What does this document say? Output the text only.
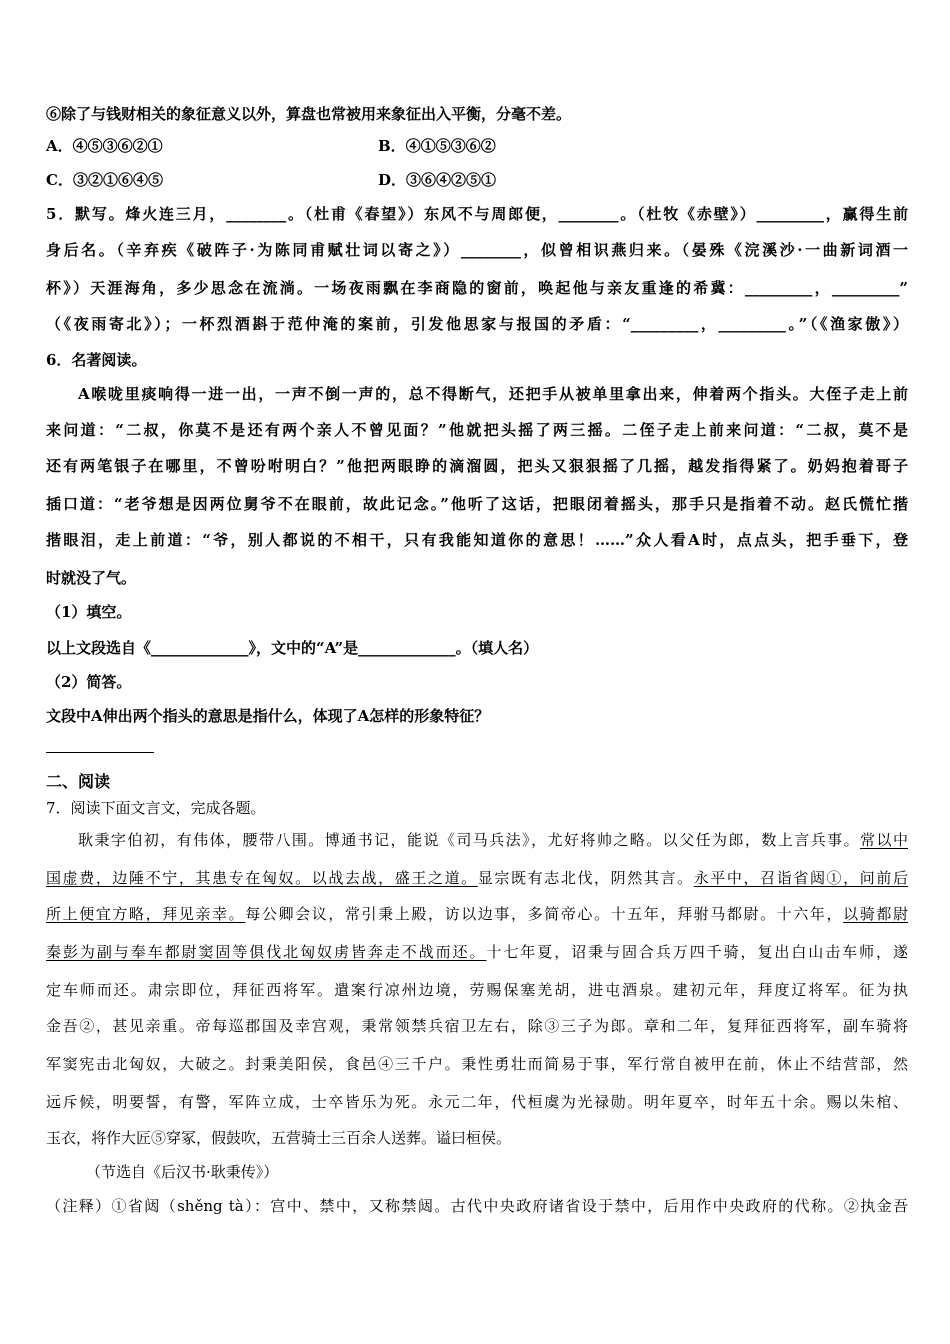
⑥除了与钱财相关的象征意义以外，算盘也常被用来象征出入平衡，分毫不差。
A．④⑤③⑥②①	B．④①⑤③⑥②
C．③②①⑥④⑤	D．③⑥④②⑤①
5．默写。烽火连三月，________。（杜甫《春望》）东风不与周郎便，________。（杜牧《赤壁》）_________，赢得生前
身后名。（辛弃疾《破阵子·为陈同甫赋壮词以寄之》）________，似曾相识燕归来。（晏殊《浣溪沙·一曲新词酒一
杯》）天涯海角，多少思念在流淌。一场夜雨飘在李商隐的窗前，唤起他与亲友重逢的希冀：_________，_________”
（《夜雨寄北》）；一杯烈酒斟于范仲淹的案前，引发他思家与报国的矛盾：“_________，_________。”（《渔家傲》）
6．名著阅读。
A喉咙里痰响得一进一出，一声不倒一声的，总不得断气，还把手从被单里拿出来，伸着两个指头。大侄子走上前
来问道：“二叔，你莫不是还有两个亲人不曾见面？”他就把头摇了两三摇。二侄子走上前来问道：“二叔，莫不是
还有两笔银子在哪里，不曾吩咐明白？”他把两眼睁的滴溜圆，把头又狠狠摇了几摇，越发指得紧了。奶妈抱着哥子
插口道：“老爷想是因两位舅爷不在眼前，故此记念。”他听了这话，把眼闭着摇头，那手只是指着不动。赵氏慌忙揩
揩眼泪，走上前道：“爷，别人都说的不相干，只有我能知道你的意思！……”众人看A时，点点头，把手垂下，登
时就没了气。
（1）填空。
以上文段选自《_____________》，文中的“A”是_____________。（填人名）
（2）简答。
文段中A伸出两个指头的意思是指什么，体现了A怎样的形象特征？
二、阅读
7．阅读下面文言文，完成各题。
耿秉字伯初，有伟体，腰带八围。博通书记，能说《司马兵法》，尤好将帅之略。以父任为郎，数上言兵事。常以中
国虚费，边陲不宁，其患专在匈奴。以战去战，盛王之道。显宗既有志北伐，阴然其言。永平中，召诣省闼①，问前后
所上便宜方略，拜见亲幸。每公卿会议，常引秉上殿，访以边事，多简帝心。十五年，拜驸马都尉。十六年，以骑都尉
秦彭为副与奉车都尉窦固等俱伐北匈奴虏皆奔走不战而还。十七年夏，诏秉与固合兵万四千骑，复出白山击车师，遂
定车师而还。肃宗即位，拜征西将军。遣案行凉州边境，劳赐保塞羌胡，进屯酒泉。建初元年，拜度辽将军。征为执
金吾②，甚见亲重。帝每巡郡国及幸宫观，秉常领禁兵宿卫左右，除③三子为郎。章和二年，复拜征西将军，副车骑将
军窦宪击北匈奴，大破之。封秉美阳侯，食邑④三千户。秉性勇壮而简易于事，军行常自被甲在前，休止不结营部，然
远斥候，明要誓，有警，军阵立成，士卒皆乐为死。永元二年，代桓虞为光禄勋。明年夏卒，时年五十余。赐以朱棺、
玉衣，将作大匠⑤穿冢，假鼓吹，五营骑士三百余人送葬。谥曰桓侯。
（节选自《后汉书·耿秉传》）
（注释）①省闼（shěng tà）：宫中、禁中，又称禁闼。古代中央政府诸省设于禁中，后用作中央政府的代称。②执金吾
